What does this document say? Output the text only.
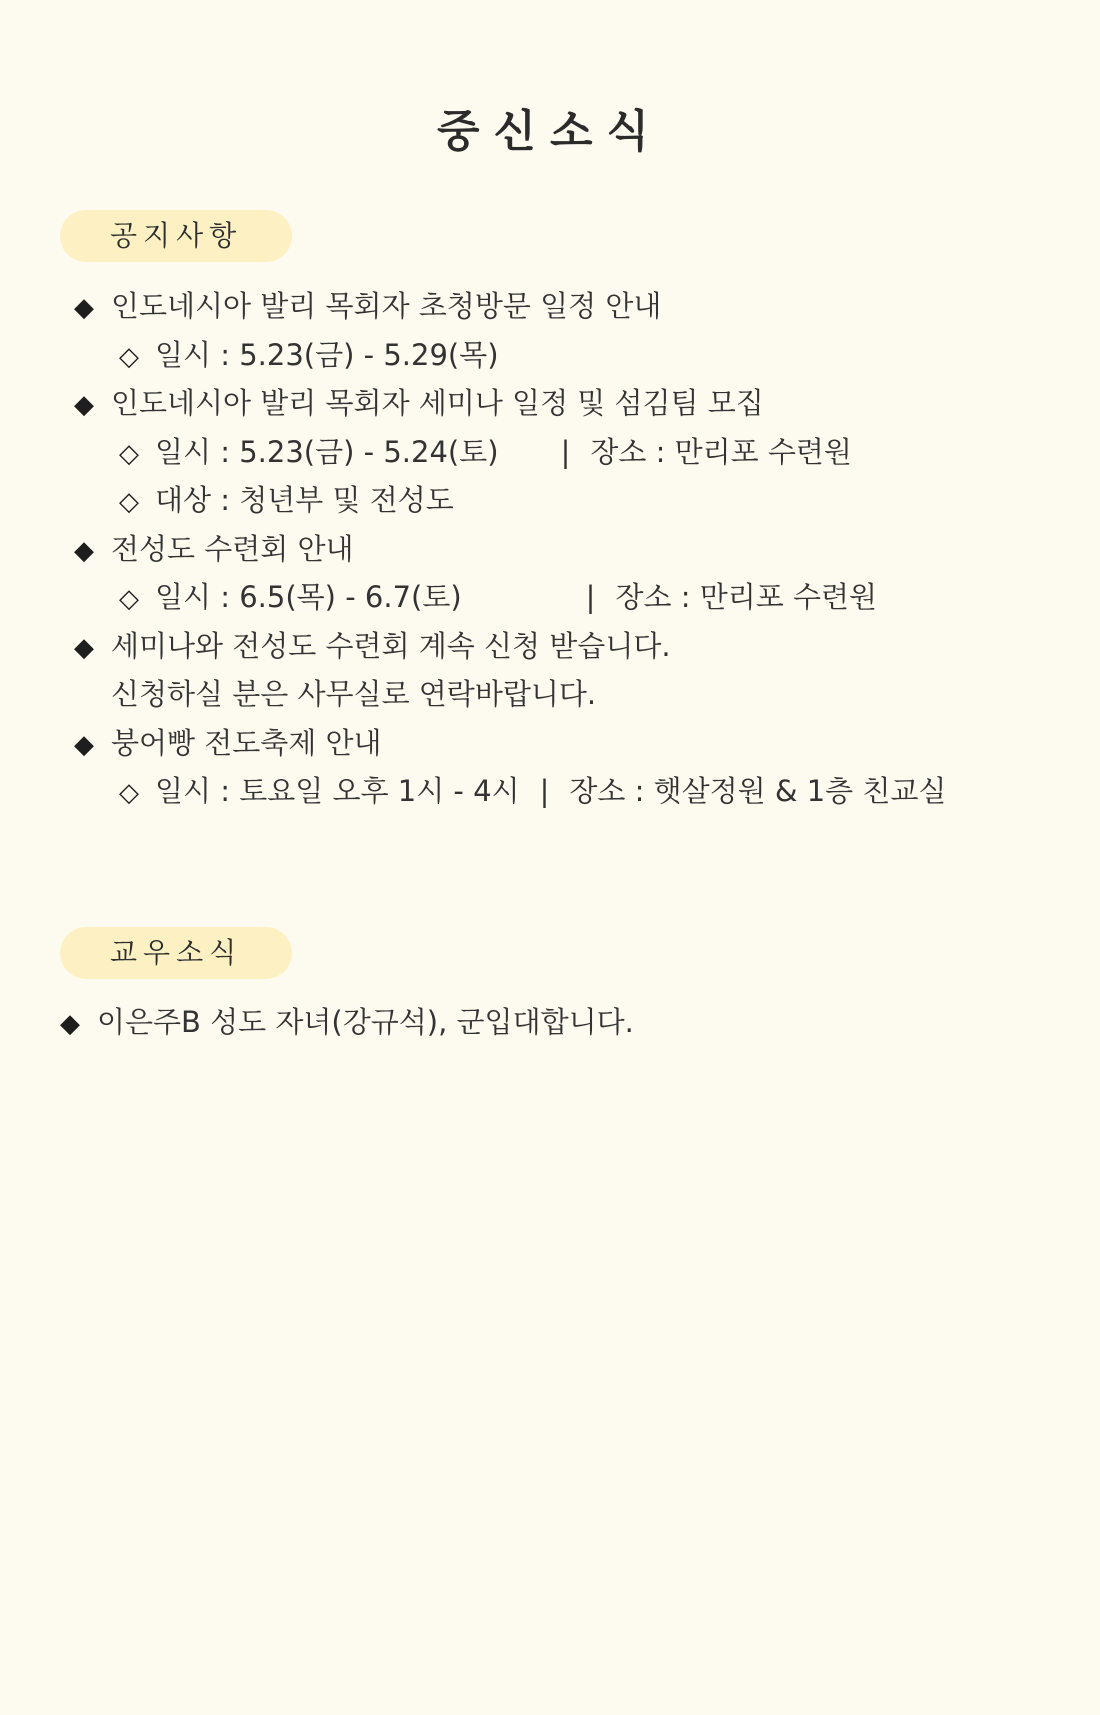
중신소식
공지사항
◆ 인도네시아 발리 목회자 초청방문 일정 안내
◇ 일시 : 5.23(금) - 5.29(목)
◆ 인도네시아 발리 목회자 세미나 일정 및 섬김팀 모집
◇ 일시 : 5.23(금) - 5.24(토) | 장소 : 만리포 수련원
◇ 대상 : 청년부 및 전성도
◆ 전성도 수련회 안내
◇ 일시 : 6.5(목) - 6.7(토)	| 장소 : 만리포 수련원
◆ 세미나와 전성도 수련회 계속 신청 받습니다.
신청하실 분은 사무실로 연락바랍니다.
◆ 붕어빵 전도축제 안내
◇ 일시 : 토요일 오후 1시 - 4시 | 장소 : 햇살정원 & 1층 친교실
교우소식
◆ 이은주B 성도 자녀(강규석), 군입대합니다.
